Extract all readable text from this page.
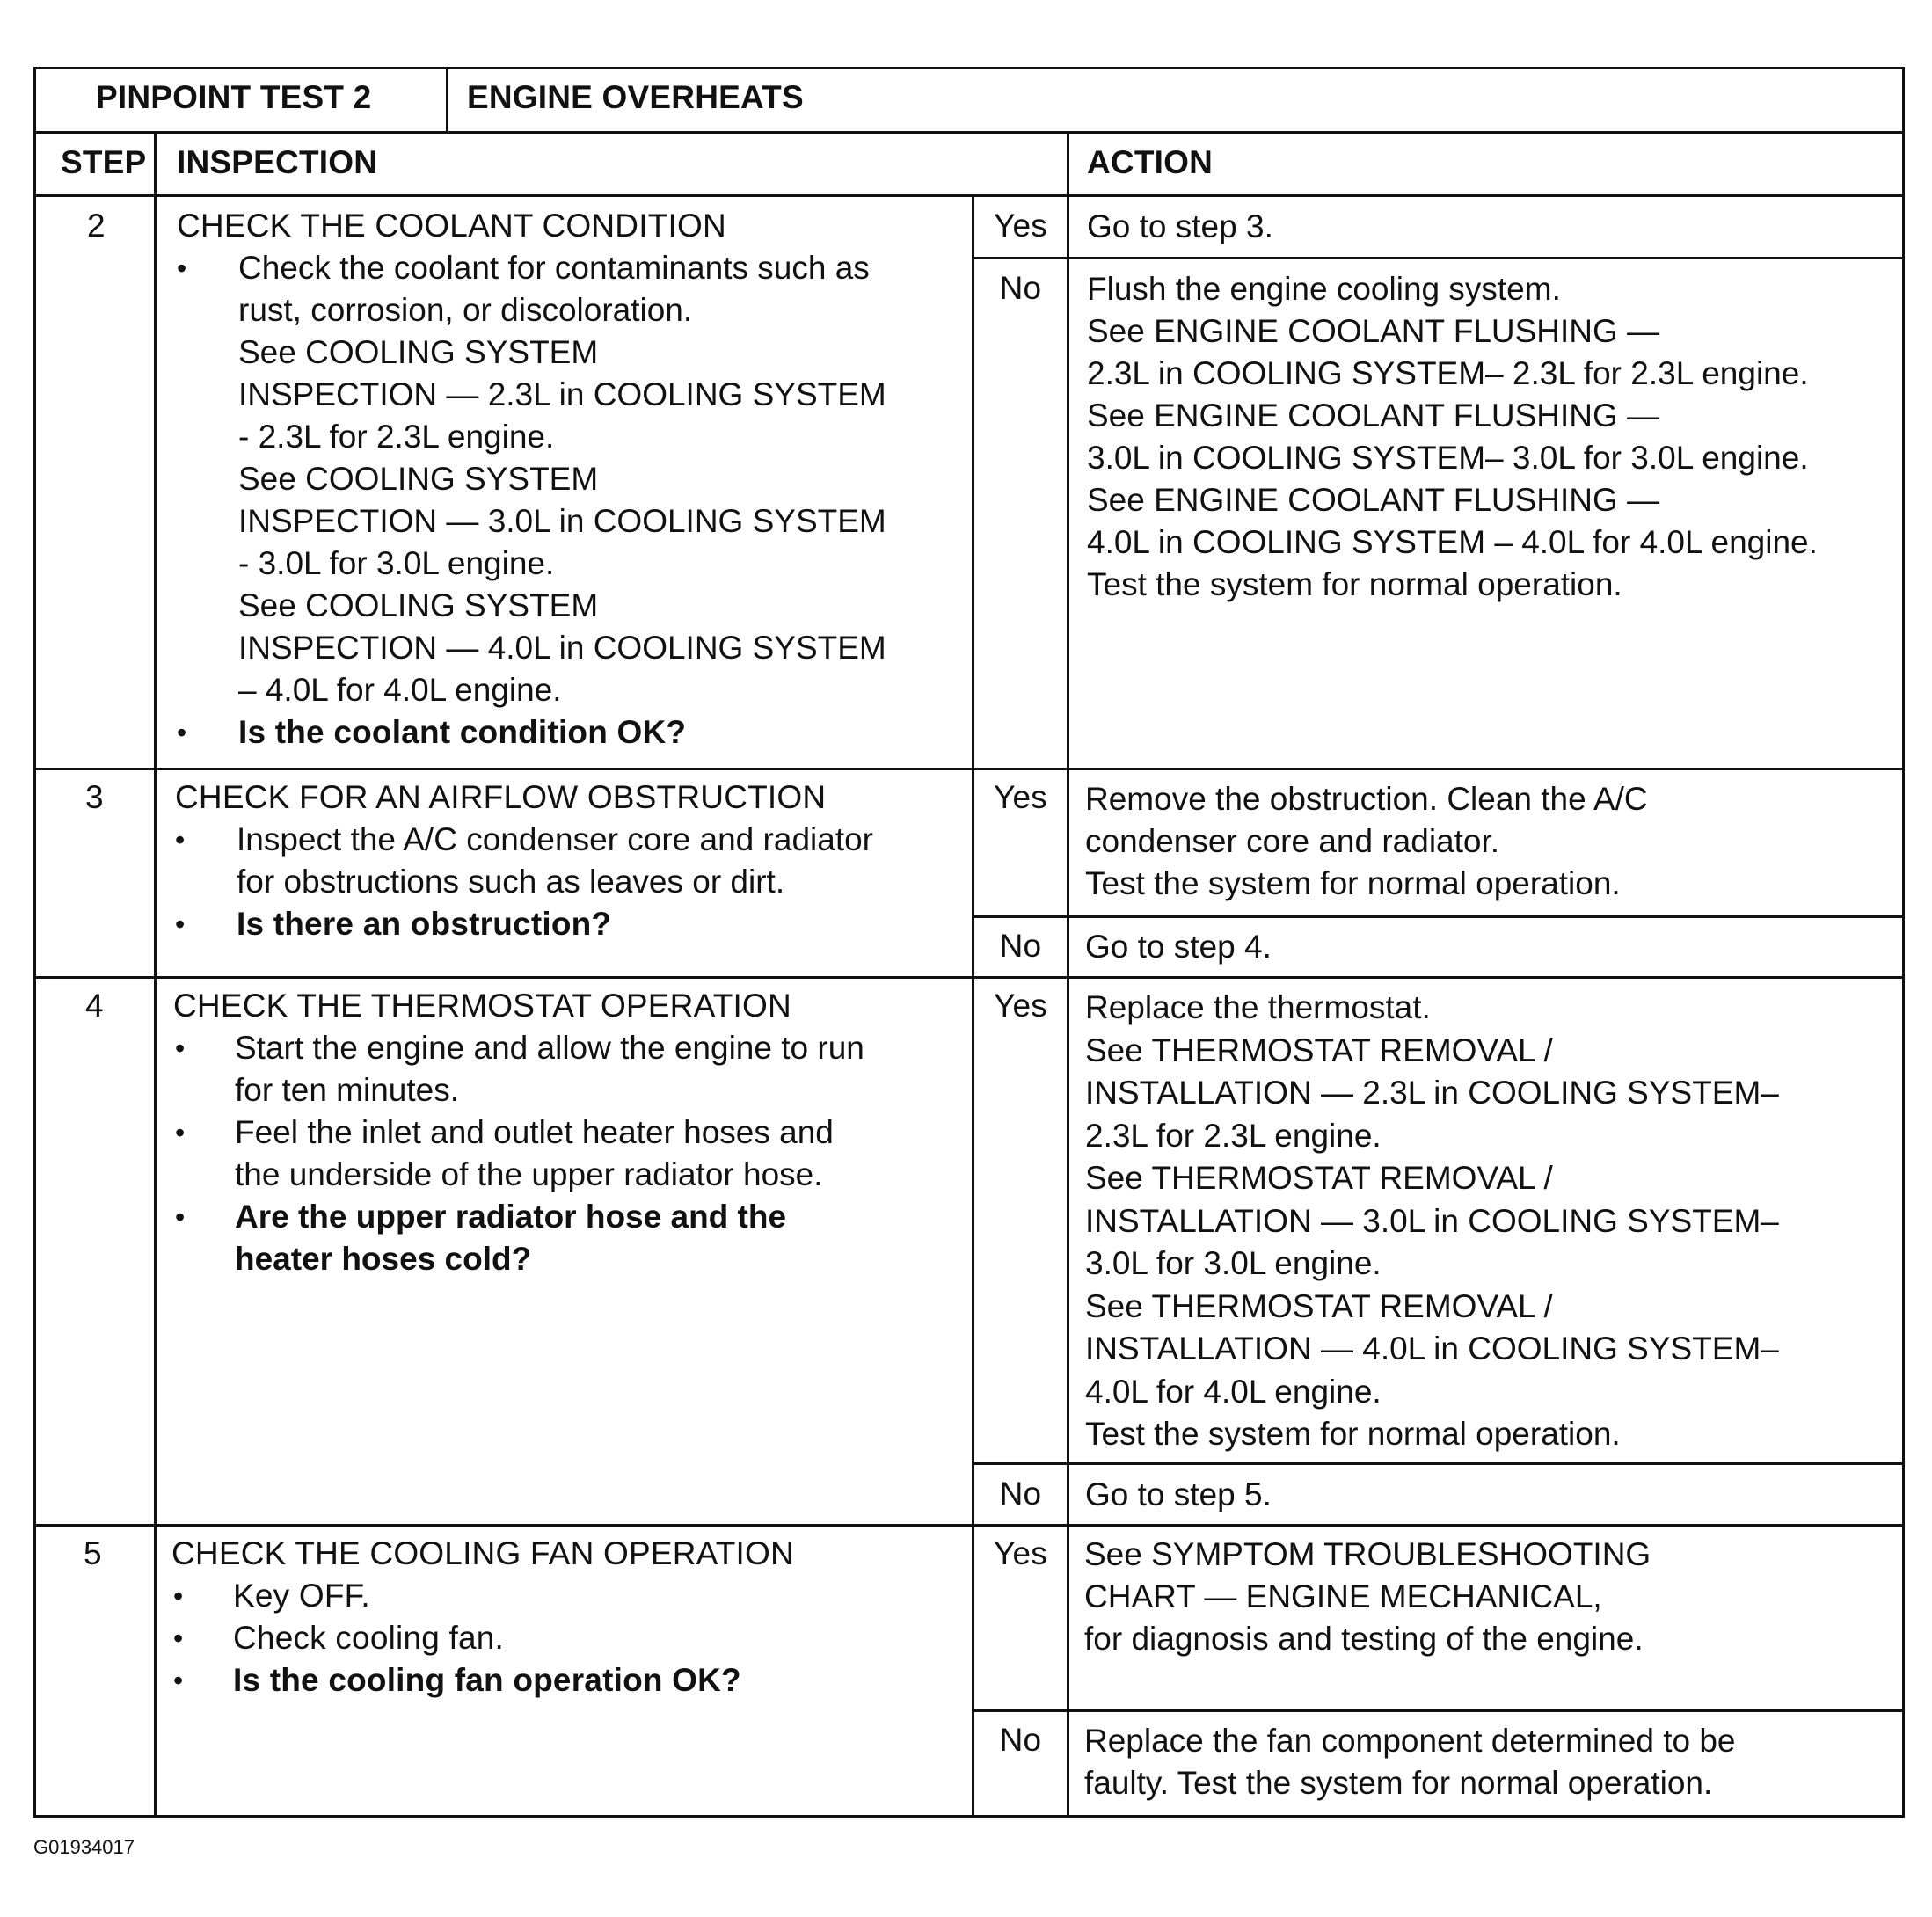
PINPOINT TEST 2	ENGINE OVERHEATS
STEP INSPECTION	ACTION
2 CHECK THE COOLANT CONDITION
• Check the coolant for contaminants such as
rust, corrosion, or discoloration.
See COOLING SYSTEM
INSPECTION — 2.3L in COOLING SYSTEM
- 2.3L for 2.3L engine.
See COOLING SYSTEM
INSPECTION — 3.0L in COOLING SYSTEM
- 3.0L for 3.0L engine.
See COOLING SYSTEM
INSPECTION — 4.0L in COOLING SYSTEM
– 4.0L for 4.0L engine.
• Is the coolant condition OK?
Yes	Go to step 3.
No	Flush the engine cooling system.
See ENGINE COOLANT FLUSHING —
2.3L in COOLING SYSTEM– 2.3L for 2.3L engine.
See ENGINE COOLANT FLUSHING —
3.0L in COOLING SYSTEM– 3.0L for 3.0L engine.
See ENGINE COOLANT FLUSHING —
4.0L in COOLING SYSTEM – 4.0L for 4.0L engine.
Test the system for normal operation.
3 CHECK FOR AN AIRFLOW OBSTRUCTION
• Inspect the A/C condenser core and radiator
for obstructions such as leaves or dirt.
• Is there an obstruction?
Yes	Remove the obstruction. Clean the A/C
condenser core and radiator.
Test the system for normal operation.
No	Go to step 4.
4 CHECK THE THERMOSTAT OPERATION
• Start the engine and allow the engine to run
for ten minutes.
• Feel the inlet and outlet heater hoses and
the underside of the upper radiator hose.
• Are the upper radiator hose and the
heater hoses cold?
Yes	Replace the thermostat.
See THERMOSTAT REMOVAL /
INSTALLATION — 2.3L in COOLING SYSTEM–
2.3L for 2.3L engine.
See THERMOSTAT REMOVAL /
INSTALLATION — 3.0L in COOLING SYSTEM–
3.0L for 3.0L engine.
See THERMOSTAT REMOVAL /
INSTALLATION — 4.0L in COOLING SYSTEM–
4.0L for 4.0L engine.
Test the system for normal operation.
No	Go to step 5.
5 CHECK THE COOLING FAN OPERATION
• Key OFF.
• Check cooling fan.
• Is the cooling fan operation OK?
Yes	See SYMPTOM TROUBLESHOOTING
CHART — ENGINE MECHANICAL,
for diagnosis and testing of the engine.
No	Replace the fan component determined to be
faulty. Test the system for normal operation.
G01934017
